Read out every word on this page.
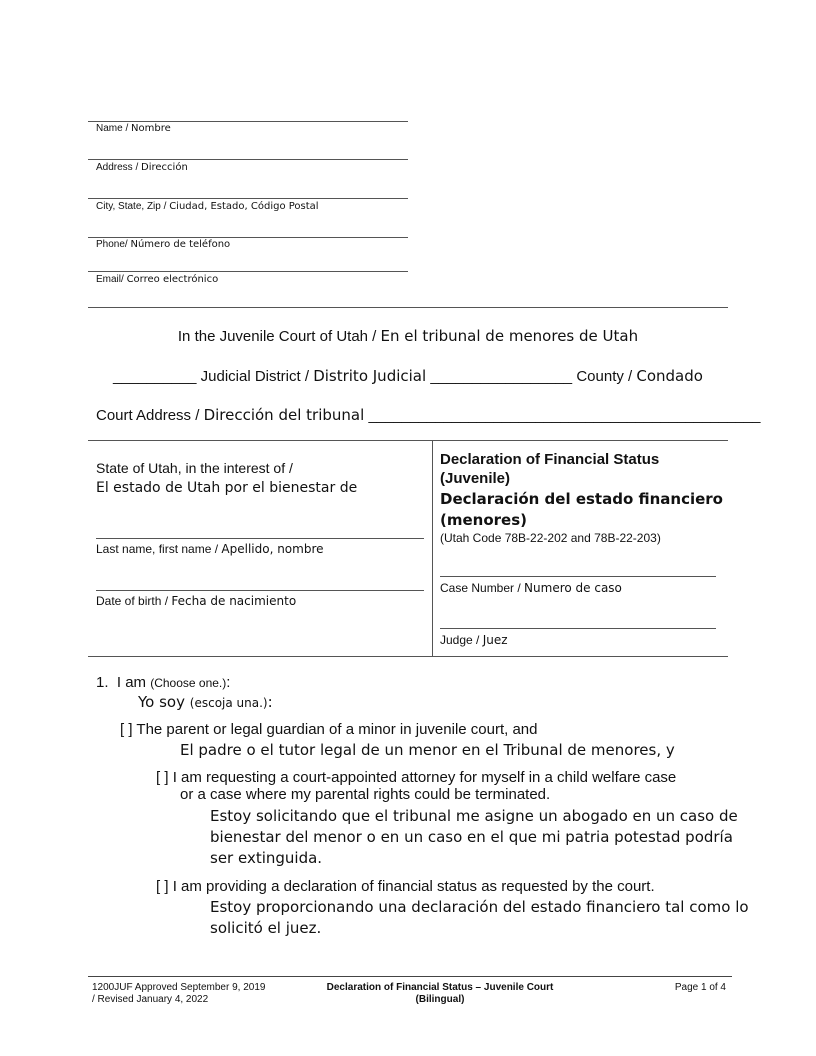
Name / Nombre
Address / Dirección
City, State, Zip / Ciudad, Estado, Código Postal
Phone/ Número de teléfono
Email/ Correo electrónico
In the Juvenile Court of Utah / En el tribunal de menores de Utah
__________ Judicial District / Distrito Judicial _________________ County / Condado
Court Address / Dirección del tribunal _______________________________________________
State of Utah, in the interest of /
El estado de Utah por el bienestar de
Last name, first name / Apellido, nombre
Date of birth / Fecha de nacimiento
Declaration of Financial Status
(Juvenile)
Declaración del estado financiero
(menores)
(Utah Code 78B-22-202 and 78B-22-203)
Case Number / Numero de caso
Judge / Juez
1. I am (Choose one.):
Yo soy (escoja una.):
[ ] The parent or legal guardian of a minor in juvenile court, and
El padre o el tutor legal de un menor en el Tribunal de menores, y
[ ] I am requesting a court-appointed attorney for myself in a child welfare case
or a case where my parental rights could be terminated.
Estoy solicitando que el tribunal me asigne un abogado en un caso de
bienestar del menor o en un caso en el que mi patria potestad podría
ser extinguida.
[ ] I am providing a declaration of financial status as requested by the court.
Estoy proporcionando una declaración del estado financiero tal como lo
solicitó el juez.
1200JUF Approved September 9, 2019
/ Revised January 4, 2022
Declaration of Financial Status – Juvenile Court
(Bilingual)
Page 1 of 4
